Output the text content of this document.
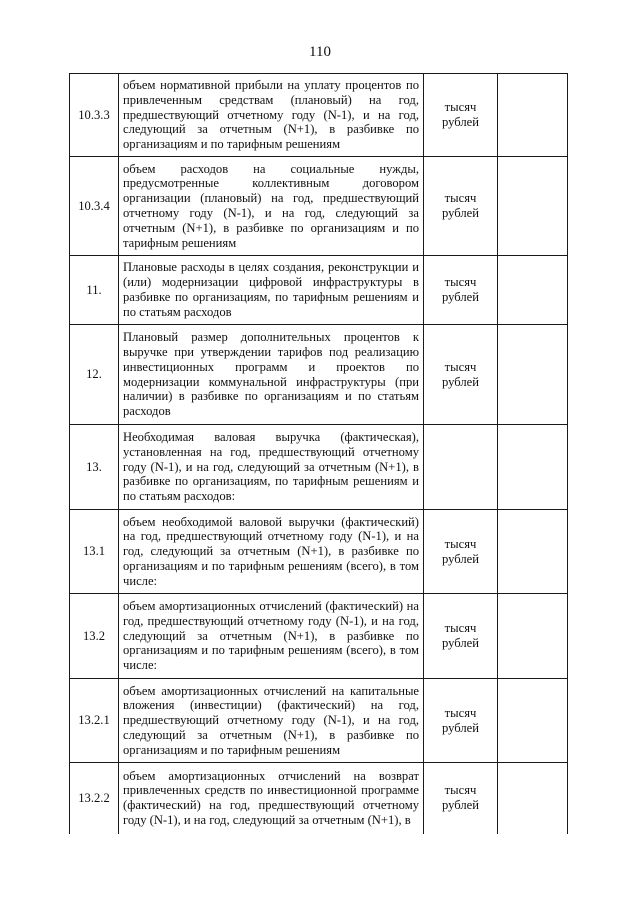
110
10.3.3	объем нормативной прибыли на уплату процентов по привлеченным средствам (плановый) на год, предшествующий отчетному году (N-1), и на год, следующий за отчетным (N+1), в разбивке по организациям и по тарифным решениям	тысяч рублей	
10.3.4	объем расходов на социальные нужды, предусмотренные коллективным договором организации (плановый) на год, предшествующий отчетному году (N-1), и на год, следующий за отчетным (N+1), в разбивке по организациям и по тарифным решениям	тысяч рублей	
11.	Плановые расходы в целях создания, реконструкции и (или) модернизации цифровой инфраструктуры в разбивке по организациям, по тарифным решениям и по статьям расходов	тысяч рублей	
12.	Плановый размер дополнительных процентов к выручке при утверждении тарифов под реализацию инвестиционных программ и проектов по модернизации коммунальной инфраструктуры (при наличии) в разбивке по организациям и по статьям расходов	тысяч рублей	
13.	Необходимая валовая выручка (фактическая), установленная на год, предшествующий отчетному году (N-1), и на год, следующий за отчетным (N+1), в разбивке по организациям, по тарифным решениям и по статьям расходов:		
13.1	объем необходимой валовой выручки (фактический) на год, предшествующий отчетному году (N-1), и на год, следующий за отчетным (N+1), в разбивке по организациям и по тарифным решениям (всего), в том числе:	тысяч рублей	
13.2	объем амортизационных отчислений (фактический) на год, предшествующий отчетному году (N-1), и на год, следующий за отчетным (N+1), в разбивке по организациям и по тарифным решениям (всего), в том числе:	тысяч рублей	
13.2.1	объем амортизационных отчислений на капитальные вложения (инвестиции) (фактический) на год, предшествующий отчетному году (N-1), и на год, следующий за отчетным (N+1), в разбивке по организациям и по тарифным решениям	тысяч рублей	
13.2.2	объем амортизационных отчислений на возврат привлеченных средств по инвестиционной программе (фактический) на год, предшествующий отчетному году (N-1), и на год, следующий за отчетным (N+1), в	тысяч рублей	
